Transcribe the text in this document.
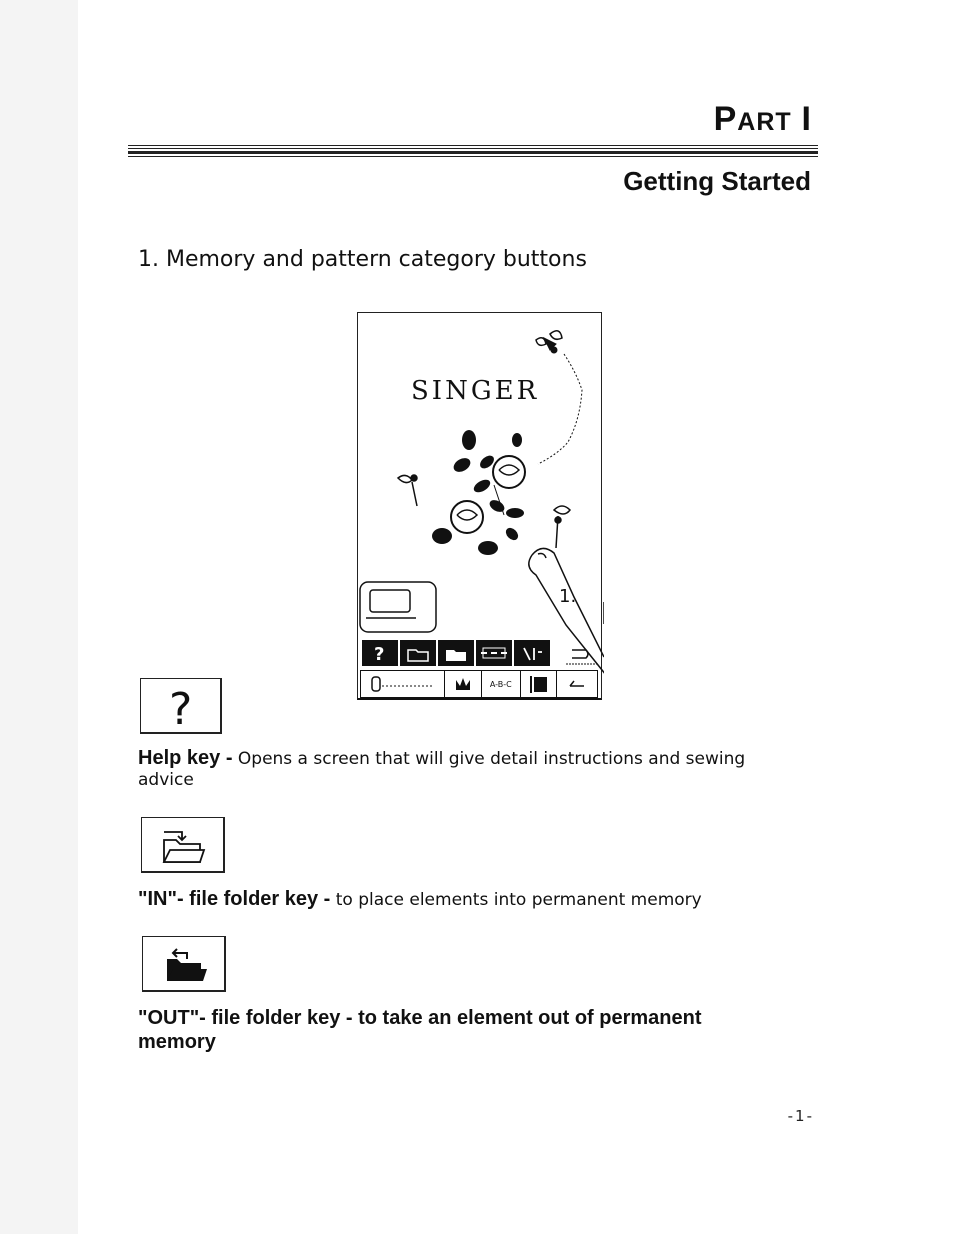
PART I
Getting Started
1. Memory and pattern category buttons
SINGER
1.
?
A-B-C
?
Help key - Opens a screen that will give detail instructions and sewing advice
"IN"- file folder key - to place elements into permanent memory
"OUT"- file folder key - to take an element out of permanent memory
-1-
